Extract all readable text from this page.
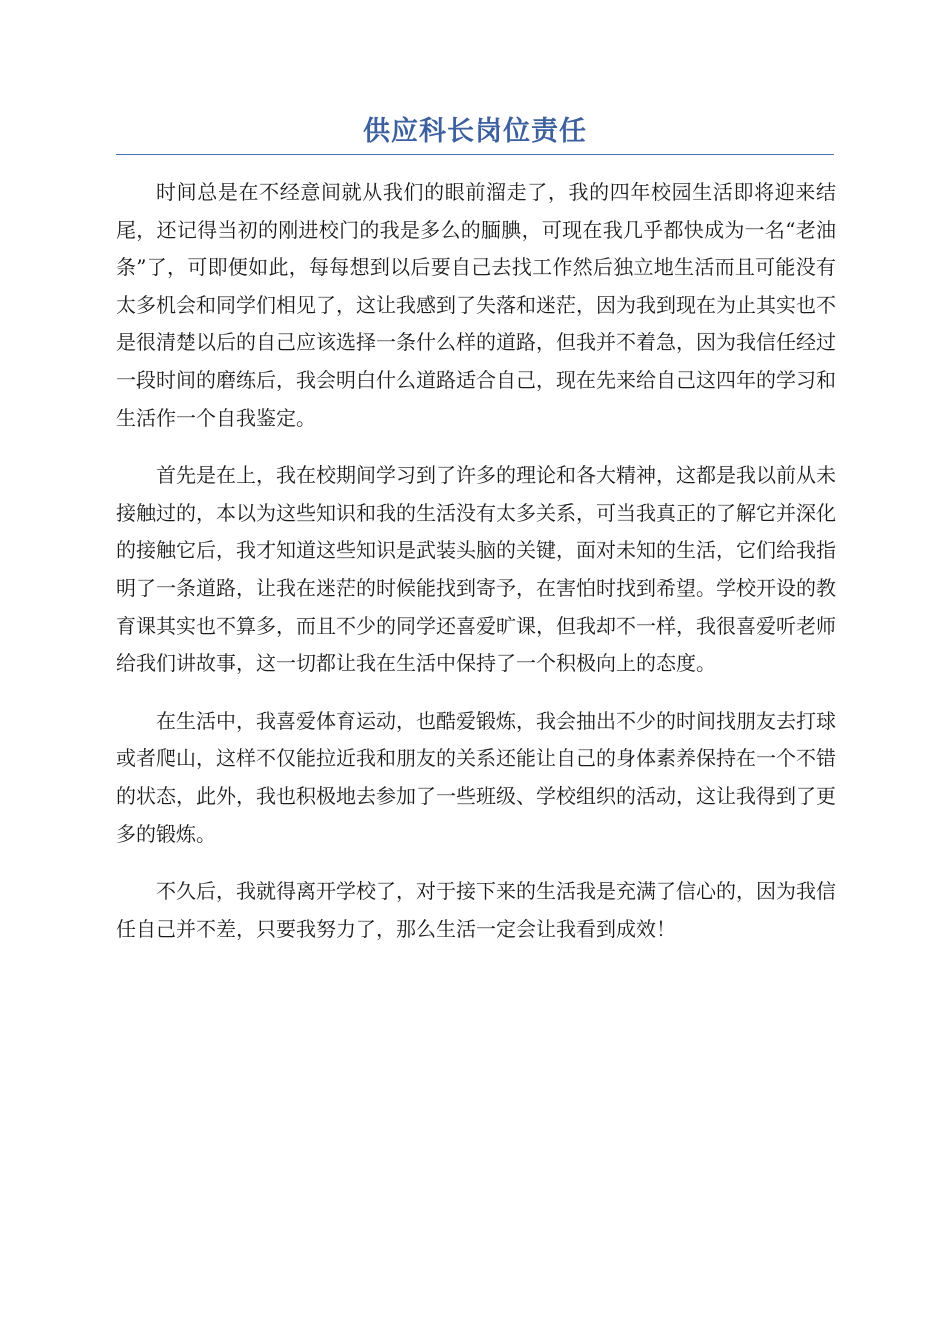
供应科长岗位责任

时间总是在不经意间就从我们的眼前溜走了，我的四年校园生活即将迎来结尾，还记得当初的刚进校门的我是多么的腼腆，可现在我几乎都快成为一名“老油条”了，可即便如此，每每想到以后要自己去找工作然后独立地生活而且可能没有太多机会和同学们相见了，这让我感到了失落和迷茫，因为我到现在为止其实也不是很清楚以后的自己应该选择一条什么样的道路，但我并不着急，因为我信任经过一段时间的磨练后，我会明白什么道路适合自己，现在先来给自己这四年的学习和生活作一个自我鉴定。

首先是在上，我在校期间学习到了许多的理论和各大精神，这都是我以前从未接触过的，本以为这些知识和我的生活没有太多关系，可当我真正的了解它并深化的接触它后，我才知道这些知识是武装头脑的关键，面对未知的生活，它们给我指明了一条道路，让我在迷茫的时候能找到寄予，在害怕时找到希望。学校开设的教育课其实也不算多，而且不少的同学还喜爱旷课，但我却不一样，我很喜爱听老师给我们讲故事，这一切都让我在生活中保持了一个积极向上的态度。

在生活中，我喜爱体育运动，也酷爱锻炼，我会抽出不少的时间找朋友去打球或者爬山，这样不仅能拉近我和朋友的关系还能让自己的身体素养保持在一个不错的状态，此外，我也积极地去参加了一些班级、学校组织的活动，这让我得到了更多的锻炼。

不久后，我就得离开学校了，对于接下来的生活我是充满了信心的，因为我信任自己并不差，只要我努力了，那么生活一定会让我看到成效！
